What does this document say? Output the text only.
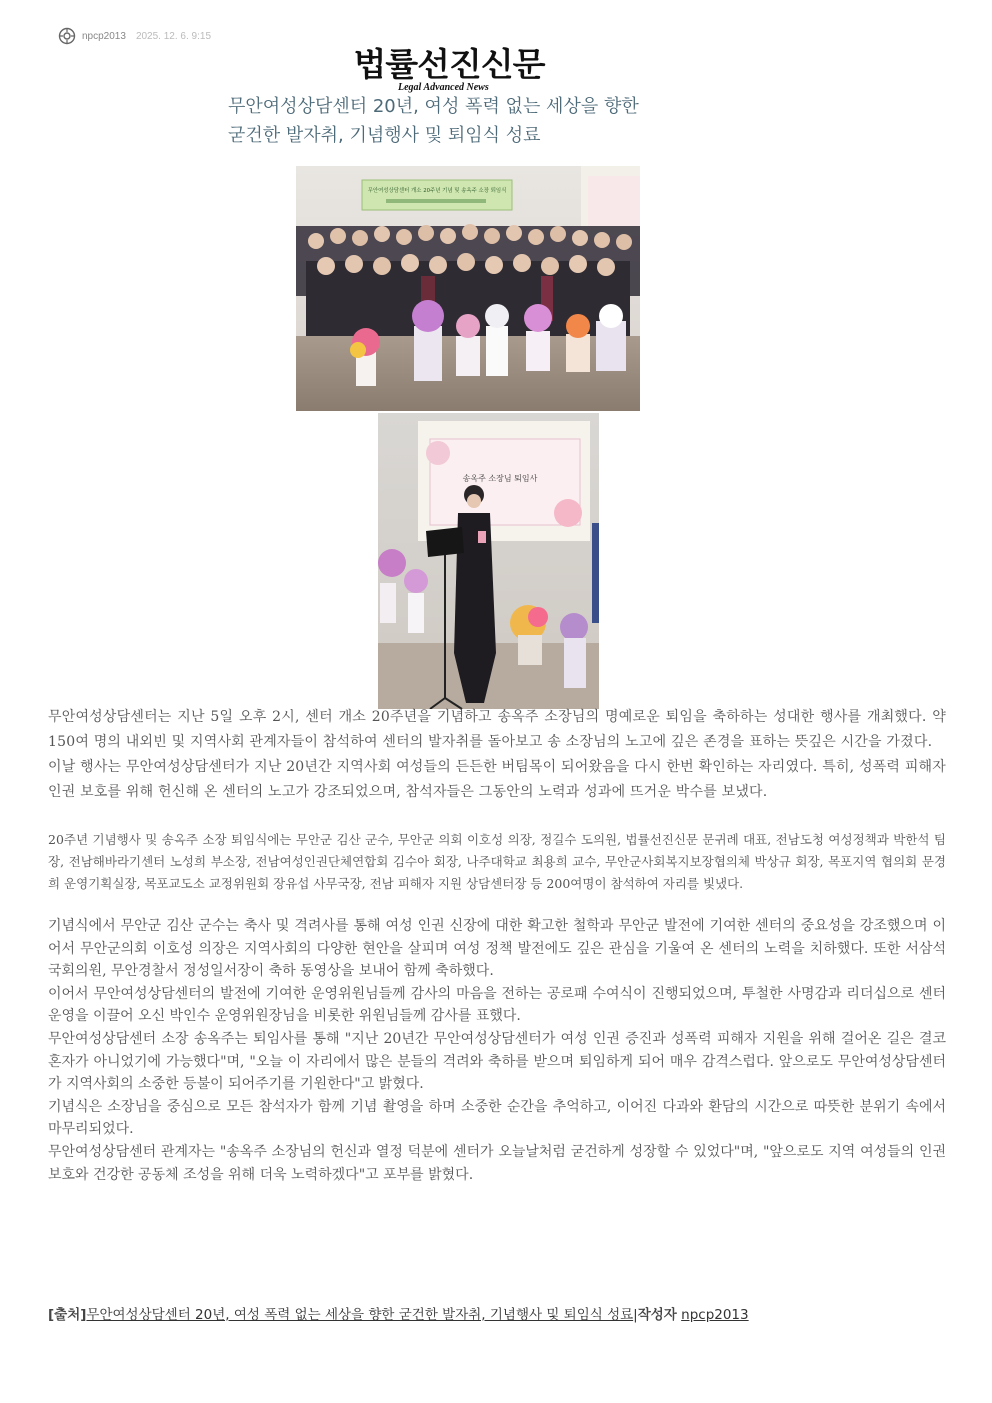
npcp2013 2025. 12. 6. 9:15
법률선진신문
Legal Advanced News
무안여성상담센터 20년, 여성 폭력 없는 세상을 향한
굳건한 발자취, 기념행사 및 퇴임식 성료
무안여성상담센터 개소 20주년 기념 및 송옥주 소장 퇴임식
송옥주 소장님 퇴임사

무안여성상담센터는 지난 5일 오후 2시, 센터 개소 20주년을 기념하고 송옥주 소장님의 명예로운 퇴임을 축하하는 성대한 행사를 개최했다. 약 150여 명의 내외빈 및 지역사회 관계자들이 참석하여 센터의 발자취를 돌아보고 송 소장님의 노고에 깊은 존경을 표하는 뜻깊은 시간을 가졌다.

이날 행사는 무안여성상담센터가 지난 20년간 지역사회 여성들의 든든한 버팀목이 되어왔음을 다시 한번 확인하는 자리였다. 특히, 성폭력 피해자 인권 보호를 위해 헌신해 온 센터의 노고가 강조되었으며, 참석자들은 그동안의 노력과 성과에 뜨거운 박수를 보냈다.

20주년 기념행사 및 송옥주 소장 퇴임식에는 무안군 김산 군수, 무안군 의회 이호성 의장, 정길수 도의원, 법률선진신문 문귀례 대표, 전남도청 여성정책과 박한석 팀장, 전남해바라기센터 노성희 부소장, 전남여성인권단체연합회 김수아 회장, 나주대학교 최용희 교수, 무안군사회복지보장협의체 박상규 회장, 목포지역 협의회 문경희 운영기획실장, 목포교도소 교정위원회 장유섭 사무국장, 전남 피해자 지원 상담센터장 등 200여명이 참석하여 자리를 빛냈다.

기념식에서 무안군 김산 군수는 축사 및 격려사를 통해 여성 인권 신장에 대한 확고한 철학과 무안군 발전에 기여한 센터의 중요성을 강조했으며 이어서 무안군의회 이호성 의장은 지역사회의 다양한 현안을 살피며 여성 정책 발전에도 깊은 관심을 기울여 온 센터의 노력을 치하했다. 또한 서삼석 국회의원, 무안경찰서 정성일서장이 축하 동영상을 보내어 함께 축하했다.

이어서 무안여성상담센터의 발전에 기여한 운영위원님들께 감사의 마음을 전하는 공로패 수여식이 진행되었으며, 투철한 사명감과 리더십으로 센터 운영을 이끌어 오신 박인수 운영위원장님을 비롯한 위원님들께 감사를 표했다.

무안여성상담센터 소장 송옥주는 퇴임사를 통해 "지난 20년간 무안여성상담센터가 여성 인권 증진과 성폭력 피해자 지원을 위해 걸어온 길은 결코 혼자가 아니었기에 가능했다"며, "오늘 이 자리에서 많은 분들의 격려와 축하를 받으며 퇴임하게 되어 매우 감격스럽다. 앞으로도 무안여성상담센터가 지역사회의 소중한 등불이 되어주기를 기원한다"고 밝혔다.

기념식은 소장님을 중심으로 모든 참석자가 함께 기념 촬영을 하며 소중한 순간을 추억하고, 이어진 다과와 환담의 시간으로 따뜻한 분위기 속에서 마무리되었다.

무안여성상담센터 관계자는 "송옥주 소장님의 헌신과 열정 덕분에 센터가 오늘날처럼 굳건하게 성장할 수 있었다"며, "앞으로도 지역 여성들의 인권 보호와 건강한 공동체 조성을 위해 더욱 노력하겠다"고 포부를 밝혔다.

[출처]무안여성상담센터 20년, 여성 폭력 없는 세상을 향한 굳건한 발자취, 기념행사 및 퇴임식 성료|작성자 npcp2013
